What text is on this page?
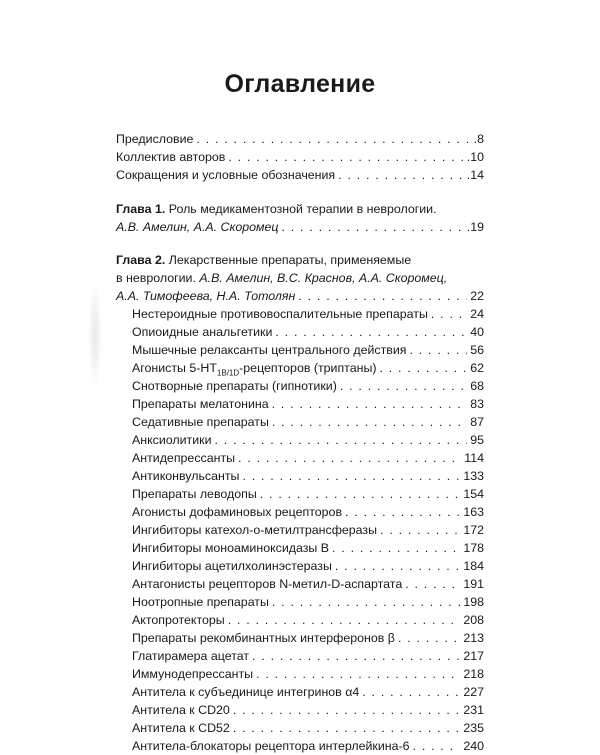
Оглавление
Предисловие . . .	.8
Коллектив авторов . . .	.10
Сокращения и условные обозначения . . .	.14
Глава 1. Роль медикаментозной терапии в неврологии.
А.В. Амелин, А.А. Скоромец . . .	.19
Глава 2. Лекарственные препараты, применяемые
в неврологии. А.В. Амелин, В.С. Краснов, А.А. Скоромец,
А.А. Тимофеева, Н.А. Тотолян . . .	22
Нестероидные противовоспалительные препараты . . .	24
Опиоидные анальгетики . . .	40
Мышечные релаксанты центрального действия . . .	56
Агонисты $5-НТ_{1B/1D}$-рецепторов (триптаны) . . .	62
Снотворные препараты (гипнотики) . . .	68
Препараты мелатонина . . .	83
Седативные препараты . . .	87
Анксиолитики . . .	95
Антидепрессанты . . .	114
Антиконвульсанты . . .	133
Препараты леводопы . . .	154
Агонисты дофаминовых рецепторов . . .	163
Ингибиторы катехол-о-метилтрансферазы . . .	172
Ингибиторы моноаминоксидазы В . . .	178
Ингибиторы ацетилхолинэстеразы . . .	184
Антагонисты рецепторов N-метил-D-аспартата . . .	191
Ноотропные препараты . . .	198
Актопротекторы . . .	208
Препараты рекомбинантных интерферонов β . . .	213
Глатирамера ацетат . . .	217
Иммунодепрессанты . . .	218
Антитела к субъединице интегринов α4 . . .	227
Антитела к CD20 . . .	231
Антитела к CD52 . . .	235
Антитела-блокаторы рецептора интерлейкина-6 . . .	240
